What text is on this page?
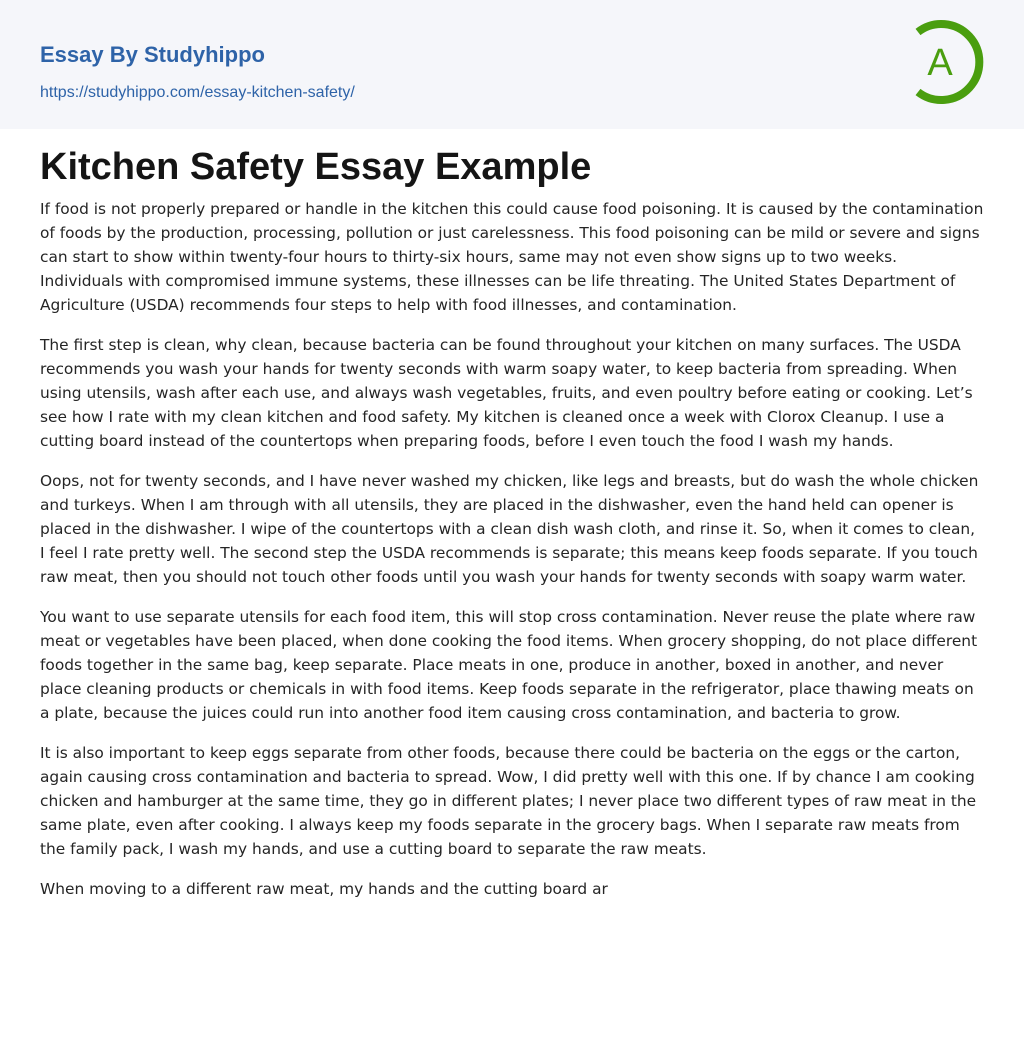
Essay By Studyhippo
https://studyhippo.com/essay-kitchen-safety/
A
Kitchen Safety Essay Example

If food is not properly prepared or handle in the kitchen this could cause food poisoning. It is caused by the contamination of foods by the production, processing, pollution or just carelessness. This food poisoning can be mild or severe and signs can start to show within twenty-four hours to thirty-six hours, same may not even show signs up to two weeks. Individuals with compromised immune systems, these illnesses can be life threating. The United States Department of Agriculture (USDA) recommends four steps to help with food illnesses, and contamination.

The first step is clean, why clean, because bacteria can be found throughout your kitchen on many surfaces. The USDA recommends you wash your hands for twenty seconds with warm soapy water, to keep bacteria from spreading. When using utensils, wash after each use, and always wash vegetables, fruits, and even poultry before eating or cooking. Let’s see how I rate with my clean kitchen and food safety. My kitchen is cleaned once a week with Clorox Cleanup. I use a cutting board instead of the countertops when preparing foods, before I even touch the food I wash my hands.

Oops, not for twenty seconds, and I have never washed my chicken, like legs and breasts, but do wash the whole chicken and turkeys. When I am through with all utensils, they are placed in the dishwasher, even the hand held can opener is placed in the dishwasher. I wipe of the countertops with a clean dish wash cloth, and rinse it. So, when it comes to clean, I feel I rate pretty well. The second step the USDA recommends is separate; this means keep foods separate. If you touch raw meat, then you should not touch other foods until you wash your hands for twenty seconds with soapy warm water.

You want to use separate utensils for each food item, this will stop cross contamination. Never reuse the plate where raw meat or vegetables have been placed, when done cooking the food items. When grocery shopping, do not place different foods together in the same bag, keep separate. Place meats in one, produce in another, boxed in another, and never place cleaning products or chemicals in with food items. Keep foods separate in the refrigerator, place thawing meats on a plate, because the juices could run into another food item causing cross contamination, and bacteria to grow.

It is also important to keep eggs separate from other foods, because there could be bacteria on the eggs or the carton, again causing cross contamination and bacteria to spread. Wow, I did pretty well with this one. If by chance I am cooking chicken and hamburger at the same time, they go in different plates; I never place two different types of raw meat in the same plate, even after cooking. I always keep my foods separate in the grocery bags. When I separate raw meats from the family pack, I wash my hands, and use a cutting board to separate the raw meats.

When moving to a different raw meat, my hands and the cutting board ar
